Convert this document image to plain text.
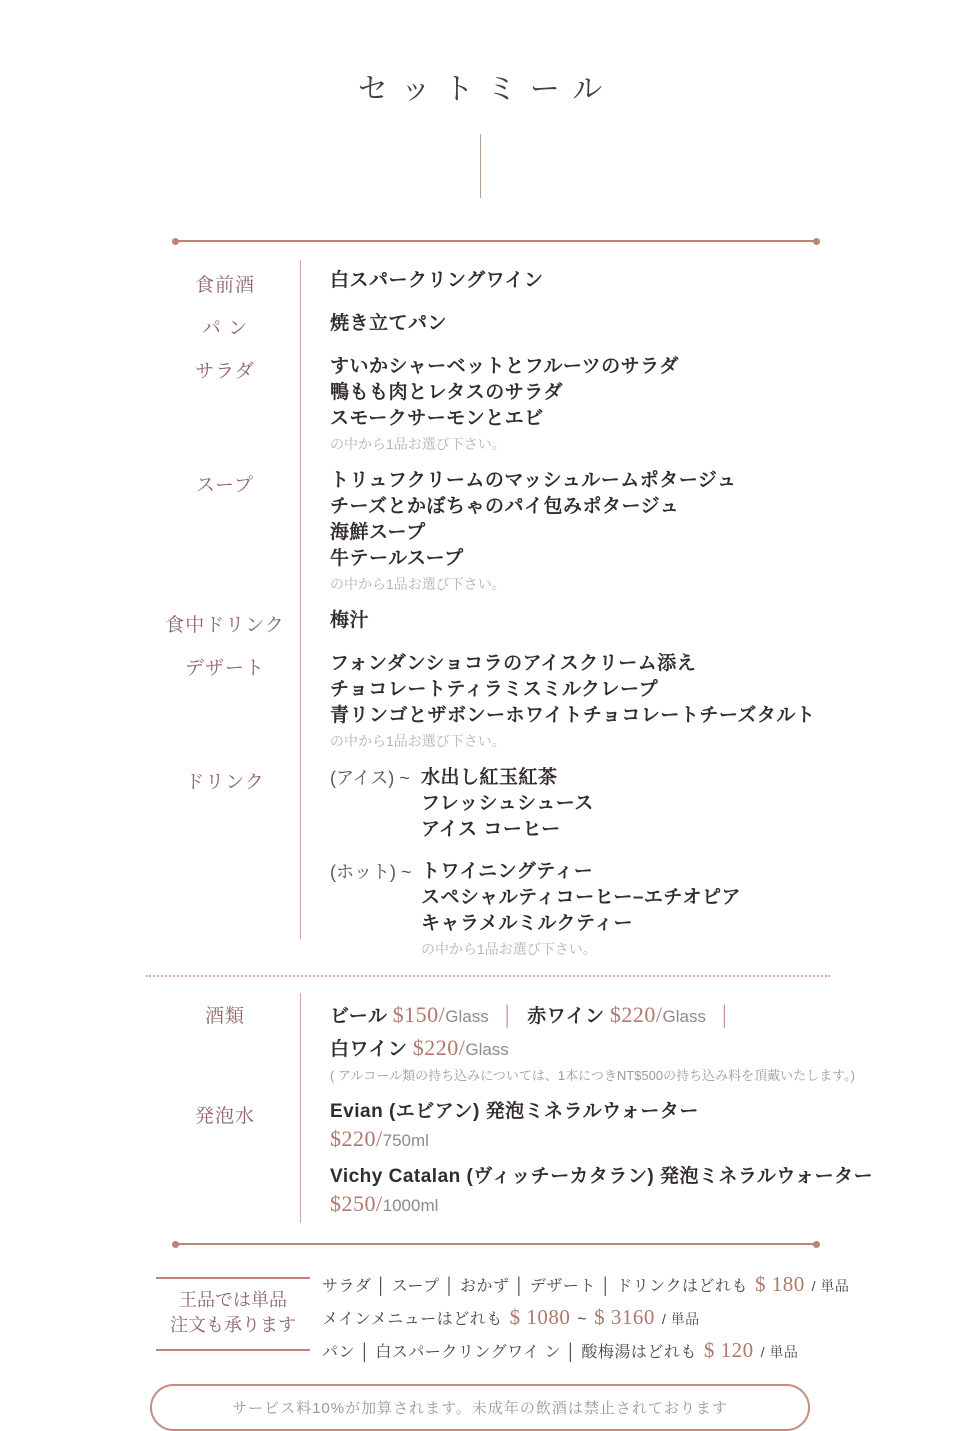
セットミール
食前酒	白スパークリングワイン
パ ン	焼き立てパン
サラダ	すいかシャーベットとフルーツのサラダ
鴨もも肉とレタスのサラダ
スモークサーモンとエビ
の中から1品お選び下さい。
スープ	トリュフクリームのマッシュルームポタージュ
チーズとかぼちゃのパイ包みポタージュ
海鮮スープ
牛テールスープ
の中から1品お選び下さい。
食中ドリンク	梅汁
デザート	フォンダンショコラのアイスクリーム添え
チョコレートティラミスミルクレープ
青リンゴとザボンーホワイトチョコレートチーズタルト
の中から1品お選び下さい。
ドリンク	(アイス) ~ 水出し紅玉紅茶
フレッシュシュース
アイス コーヒー
(ホット) ~ トワイニングティー
スペシャルティコーヒー–エチオピア
キャラメルミルクティー
の中から1品お選び下さい。
酒類	ビール $150/Glass │ 赤ワイン $220/Glass │
白ワイン $220/Glass
( アルコール類の持ち込みについては、1本につきNT$500の持ち込み料を頂戴いたします。)
発泡水	Evian (エビアン) 発泡ミネラルウォーター
$220/750ml
Vichy Catalan (ヴィッチーカタラン) 発泡ミネラルウォーター
$250/1000ml
王品では単品
注文も承ります
サラダ │ スープ │ おかず │ デザート │ ドリンクはどれも $ 180 / 単品
メインメニューはどれも $ 1080 ~ $ 3160 / 単品
パン │ 白スパークリングワイ ン │ 酸梅湯はどれも $ 120 / 単品
サービス料10%が加算されます。未成年の飲酒は禁止されております
